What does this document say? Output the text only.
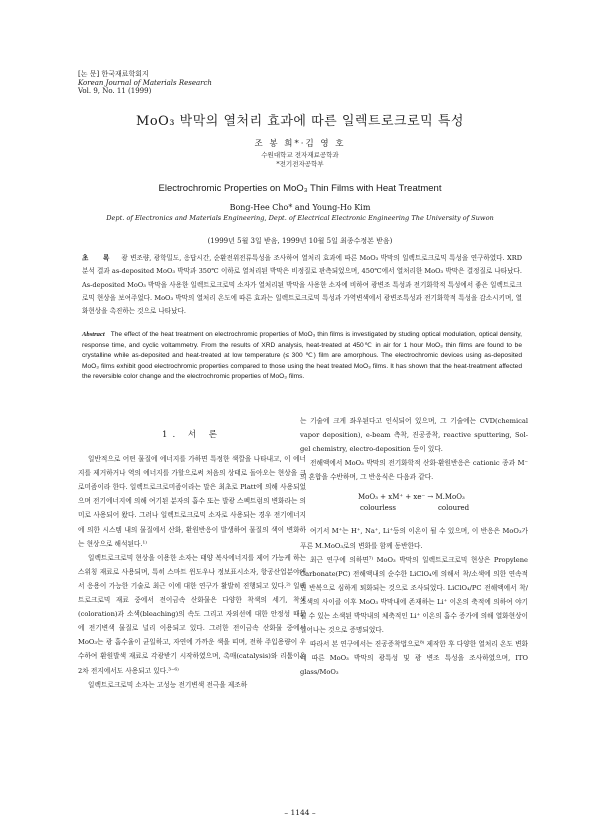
[논 문] 한국재료학회지
Korean Journal of Materials Research
Vol. 9, No. 11 (1999)
MoO₃ 박막의 열처리 효과에 따른 일렉트로크로믹 특성
조 봉 희*·김 영 호
수원대학교 전자재료공학과
*전기전자공학부
Electrochromic Properties on MoO₃ Thin Films with Heat Treatment
Bong-Hee Cho* and Young-Ho Kim
Dept. of Electronics and Materials Engineering, Dept. of Electrical Electronic Engineering The University of Suwon
(1999년 5월 3일 받음, 1999년 10월 5일 최종수정본 받음)
초 록 광 변조량, 광학밀도, 응답시간, 순환전위전류특성을 조사하여 열처리 효과에 따른 MoO₃ 박막의 일렉트로크로믹 특성을 연구하였다. XRD 분석 결과 as-deposited MoO₃ 박막과 350℃ 이하로 열처리된 박막은 비정질로 판측되었으며, 450℃에서 열처리한 MoO₃ 박막은 결정질로 나타났다. As-deposited MoO₃ 박막을 사용한 일렉트로크로믹 소자가 열처리된 박막을 사용한 소자에 비하여 광변조 특성과 전기화학적 특성에서 좋은 일렉트로크로믹 현상을 보여주었다. MoO₃ 박막의 열처리 온도에 따른 효과는 일렉트로크로믹 특성과 가역변색에서 광변조특성과 전기화학적 특성을 감소시키며, 열화현상을 촉진하는 것으로 나타났다.
Abstract The effect of the heat treatment on electrochromic properties of MoO₃ thin films is investigated by studing optical modulation, optical density, response time, and cyclic voltammetry. From the results of XRD analysis, heat-treated at 450℃ in air for 1 hour MoO₃ thin films are found to be crystalline while as-deposited and heat-treated at low temperature (≤ 300 ℃) film are amorphous. The electrochromic devices using as-deposited MoO₃ films exhibit good electrochromic properties compared to those using the heat treated MoO₃ films. It has shown that the heat-treatment affected the reversible color change and the electrochromic properties of MoO₃ films.
1. 서 론

일반적으로 어떤 물질에 에너지를 가하면 특정한 색깔을 나타내고, 이 에너지를 제거하거나 역의 에너지를 가할으로써 처음의 상태로 돌아오는 현상을 크로미즘이라 한다. 일렉트로크로미즘이라는 말은 최초로 Platt에 의해 사용되었으며 전기에너지에 의해 여기된 분자의 흡수 또는 발광 스펙트럼의 변화라는 의미로 사용되어 왔다. 그러나 일렉트로크로믹 소자로 사용되는 경우 전기에너지에 의한 시스템 내의 물질에서 산화, 환원반응이 발생하여 물질의 색이 변화하는 현상으로 해석된다.¹⁾

일렉트로크로믹 현상을 이용한 소자는 태양 복사에너지를 제어 가능케 하는 스위칭 재료로 사용되며, 특히 스마트 윈도우나 정보표시소자, 항공산업분야에서 응용이 가능한 기술로 최근 이에 대한 연구가 활발히 진행되고 있다.²⁾ 일렉트로크로믹 재료 중에서 전이금속 산화물은 다양한 착색의 세기, 착색(coloration)과 소색(bleaching)의 속도 그리고 자외선에 대한 안정성 때문에 전기변색 물질로 널리 이용되고 있다. 그러한 전이금속 산화물 중에서 MoO₃는 광 흡수율이 균일하고, 자연에 가까운 색을 띠며, 전하 주입용량이 우수하여 환원발색 재료로 각광받기 시작하였으며, 촉매(catalysis)와 리튬이온 2차 전지에서도 사용되고 있다.³⁻⁶⁾

일렉트로크로믹 소자는 고성능 전기변색 전극을 제조하

는 기술에 크게 좌우된다고 인식되어 있으며, 그 기술에는 CVD(chemical vapor deposition), e-beam 측착, 진공증착, reactive sputtering, Sol-gel chemistry, electro-deposition 등이 있다.

전해액에서 MoO₃ 박막의 전기화학적 산화·환원반응은 cationic 종과 M⁻의 혼합을 수반하며, 그 반응식은 다음과 같다.

MoO₃ + xM⁺ + xe⁻ → M.MoO₃
colourless	coloured

여기서 M⁺는 H⁺, Na⁺, Li⁺등의 이온이 될 수 있으며, 이 반응은 MoO₃가 푸른 M.MoO₃로의 변화를 함께 동반한다.

최근 연구에 의하면⁷⁾ MoO₃ 박막의 일렉트로크로믹 현상은 Propylene Carbonate(PC) 전해액내의 순수한 LiClO₄에 의해서 착/소색에 의한 연속적인 반복으로 심하게 퇴화되는 것으로 조사되었다. LiClO₄/PC 전해액에서 착/소색의 사이클 이후 MoO₃ 박막내에 존재하는 Li⁺ 이온의 축적에 의하여 야기될 수 있는 소색된 박막내의 체축적인 Li⁺ 이온의 흡수 증가에 의해 열화현상이 일어나는 것으로 증명되었다.

따라서 본 연구에서는 진공증착법으로⁸⁾ 제작한 후 다양한 열처리 온도 변화에 따른 MoO₃ 박막의 광특성 및 광 변조 특성을 조사하였으며, ITO glass/MoO₃

– 1144 –
